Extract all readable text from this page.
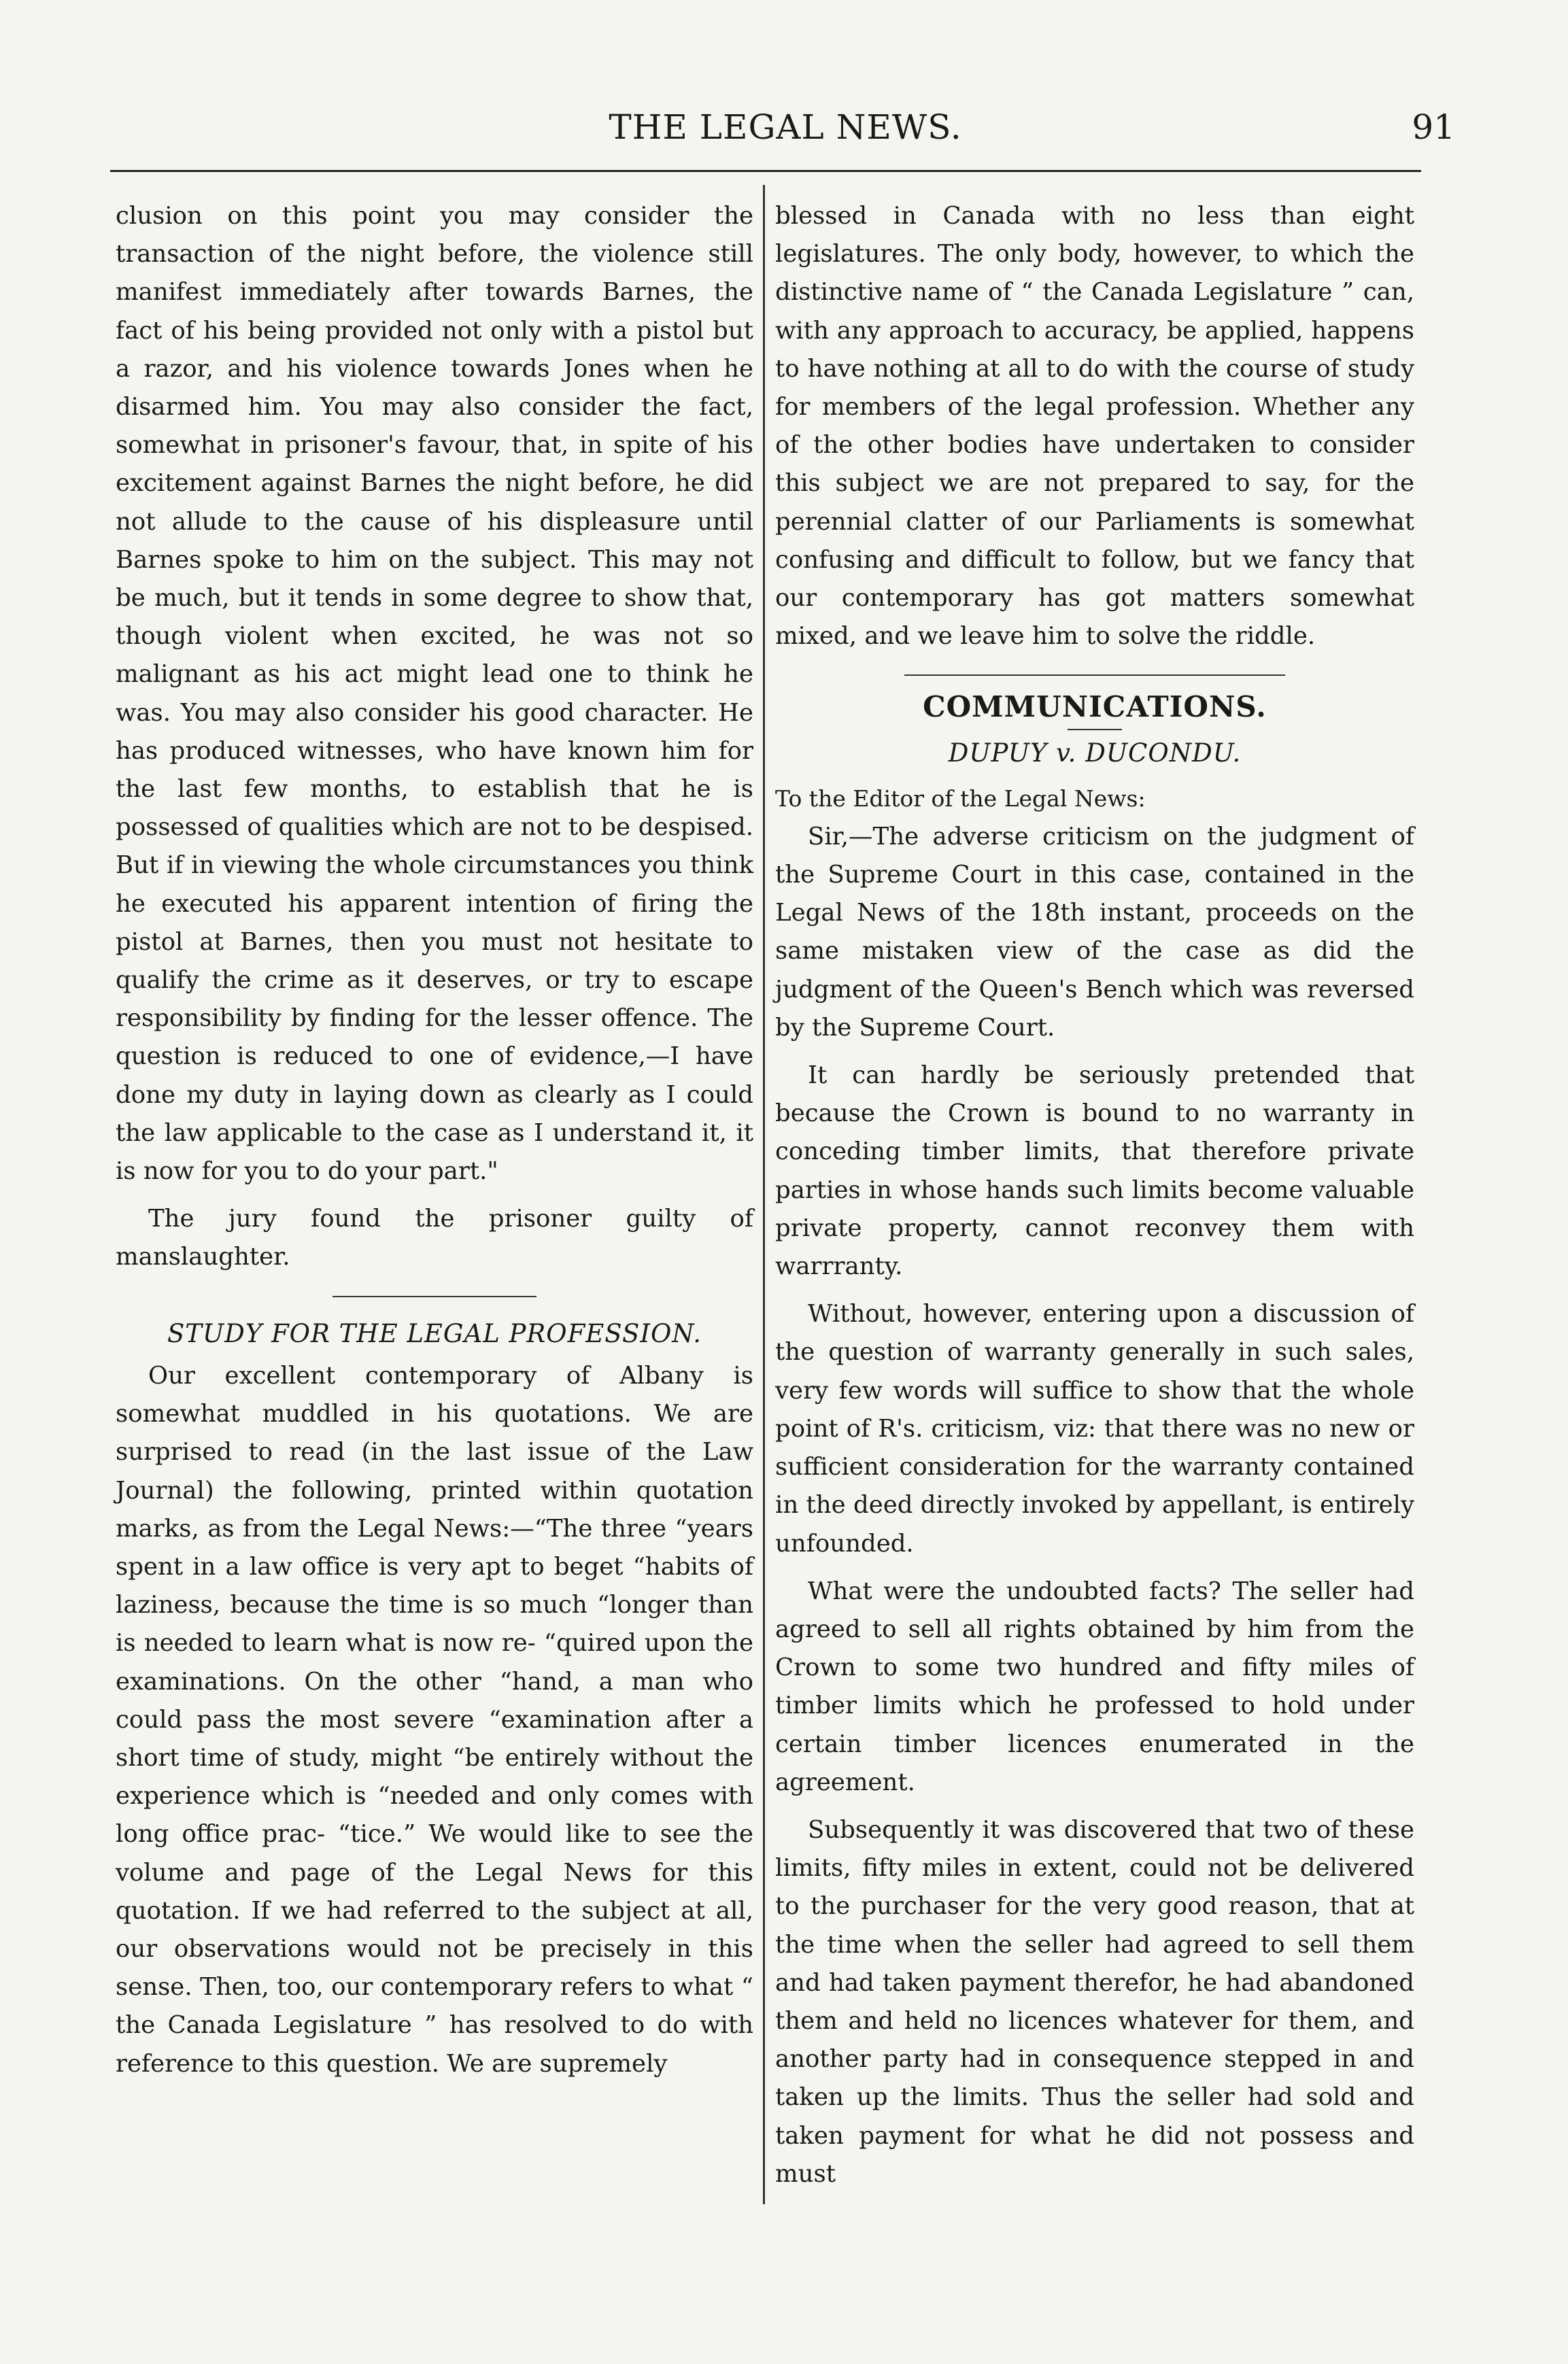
THE LEGAL NEWS.	91

clusion on this point you may consider the transaction of the night before, the violence still manifest immediately after towards Barnes, the fact of his being provided not only with a pistol but a razor, and his violence towards Jones when he disarmed him. You may also consider the fact, somewhat in prisoner's favour, that, in spite of his excitement against Barnes the night before, he did not allude to the cause of his displeasure until Barnes spoke to him on the subject. This may not be much, but it tends in some degree to show that, though violent when excited, he was not so malignant as his act might lead one to think he was. You may also consider his good character. He has produced witnesses, who have known him for the last few months, to establish that he is possessed of qualities which are not to be despised. But if in viewing the whole circumstances you think he executed his apparent intention of firing the pistol at Barnes, then you must not hesitate to qualify the crime as it deserves, or try to escape responsibility by finding for the lesser offence. The question is reduced to one of evidence,—I have done my duty in laying down as clearly as I could the law applicable to the case as I understand it, it is now for you to do your part."

The jury found the prisoner guilty of manslaughter.

STUDY FOR THE LEGAL PROFESSION.

Our excellent contemporary of Albany is somewhat muddled in his quotations. We are surprised to read (in the last issue of the Law Journal) the following, printed within quotation marks, as from the Legal News:—“The three “years spent in a law office is very apt to beget “habits of laziness, because the time is so much “longer than is needed to learn what is now re- “quired upon the examinations. On the other “hand, a man who could pass the most severe “examination after a short time of study, might “be entirely without the experience which is “needed and only comes with long office prac- “tice.” We would like to see the volume and page of the Legal News for this quotation. If we had referred to the subject at all, our observations would not be precisely in this sense. Then, too, our contemporary refers to what “ the Canada Legislature ” has resolved to do with reference to this question. We are supremely

blessed in Canada with no less than eight legislatures. The only body, however, to which the distinctive name of “ the Canada Legislature ” can, with any approach to accuracy, be applied, happens to have nothing at all to do with the course of study for members of the legal profession. Whether any of the other bodies have undertaken to consider this subject we are not prepared to say, for the perennial clatter of our Parliaments is somewhat confusing and difficult to follow, but we fancy that our contemporary has got matters somewhat mixed, and we leave him to solve the riddle.

COMMUNICATIONS.
DUPUY v. DUCONDU.

To the Editor of the Legal News:

Sir,—The adverse criticism on the judgment of the Supreme Court in this case, contained in the Legal News of the 18th instant, proceeds on the same mistaken view of the case as did the judgment of the Queen's Bench which was reversed by the Supreme Court.

It can hardly be seriously pretended that because the Crown is bound to no warranty in conceding timber limits, that therefore private parties in whose hands such limits become valuable private property, cannot reconvey them with warrranty.

Without, however, entering upon a discussion of the question of warranty generally in such sales, very few words will suffice to show that the whole point of R's. criticism, viz: that there was no new or sufficient consideration for the warranty contained in the deed directly invoked by appellant, is entirely unfounded.

What were the undoubted facts? The seller had agreed to sell all rights obtained by him from the Crown to some two hundred and fifty miles of timber limits which he professed to hold under certain timber licences enumerated in the agreement.

Subsequently it was discovered that two of these limits, fifty miles in extent, could not be delivered to the purchaser for the very good reason, that at the time when the seller had agreed to sell them and had taken payment therefor, he had abandoned them and held no licences whatever for them, and another party had in consequence stepped in and taken up the limits. Thus the seller had sold and taken payment for what he did not possess and must
